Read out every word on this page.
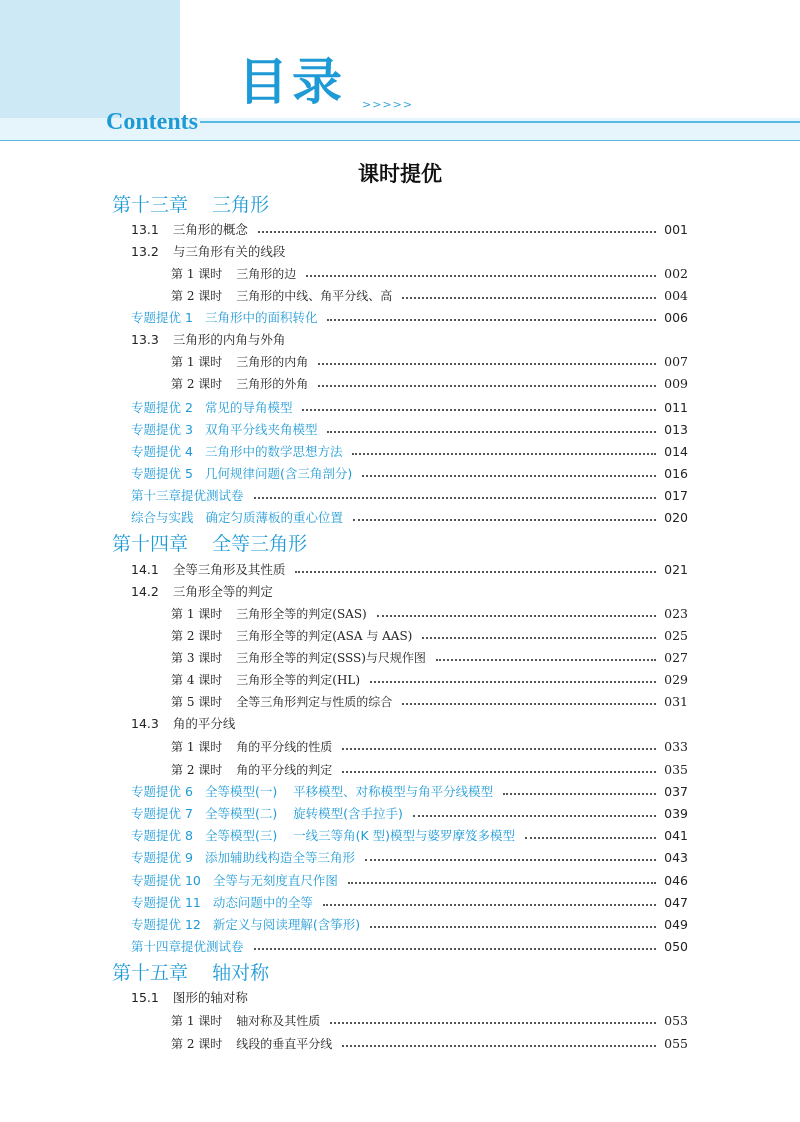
目录 >>>>>
Contents
课时提优
第十三章    三角形
13.1 三角形的概念	001
13.2 与三角形有关的线段
第 1 课时 三角形的边	002
第 2 课时 三角形的中线、角平分线、高	004
专题提优 1 三角形中的面积转化	006
13.3 三角形的内角与外角
第 1 课时 三角形的内角	007
第 2 课时 三角形的外角	009
专题提优 2 常见的导角模型	011
专题提优 3 双角平分线夹角模型	013
专题提优 4 三角形中的数学思想方法	014
专题提优 5 几何规律问题(含三角剖分)	016
第十三章提优测试卷	017
综合与实践 确定匀质薄板的重心位置	020
第十四章    全等三角形
14.1 全等三角形及其性质	021
14.2 三角形全等的判定
第 1 课时 三角形全等的判定(SAS)	023
第 2 课时 三角形全等的判定(ASA 与 AAS)	025
第 3 课时 三角形全等的判定(SSS)与尺规作图	027
第 4 课时 三角形全等的判定(HL)	029
第 5 课时 全等三角形判定与性质的综合	031
14.3 角的平分线
第 1 课时 角的平分线的性质	033
第 2 课时 角的平分线的判定	035
专题提优 6 全等模型(一)    平移模型、对称模型与角平分线模型	037
专题提优 7 全等模型(二)    旋转模型(含手拉手)	039
专题提优 8 全等模型(三)    一线三等角(K 型)模型与婆罗摩笈多模型	041
专题提优 9 添加辅助线构造全等三角形	043
专题提优 10 全等与无刻度直尺作图	046
专题提优 11 动态问题中的全等	047
专题提优 12 新定义与阅读理解(含筝形)	049
第十四章提优测试卷	050
第十五章    轴对称
15.1 图形的轴对称
第 1 课时 轴对称及其性质	053
第 2 课时 线段的垂直平分线	055
